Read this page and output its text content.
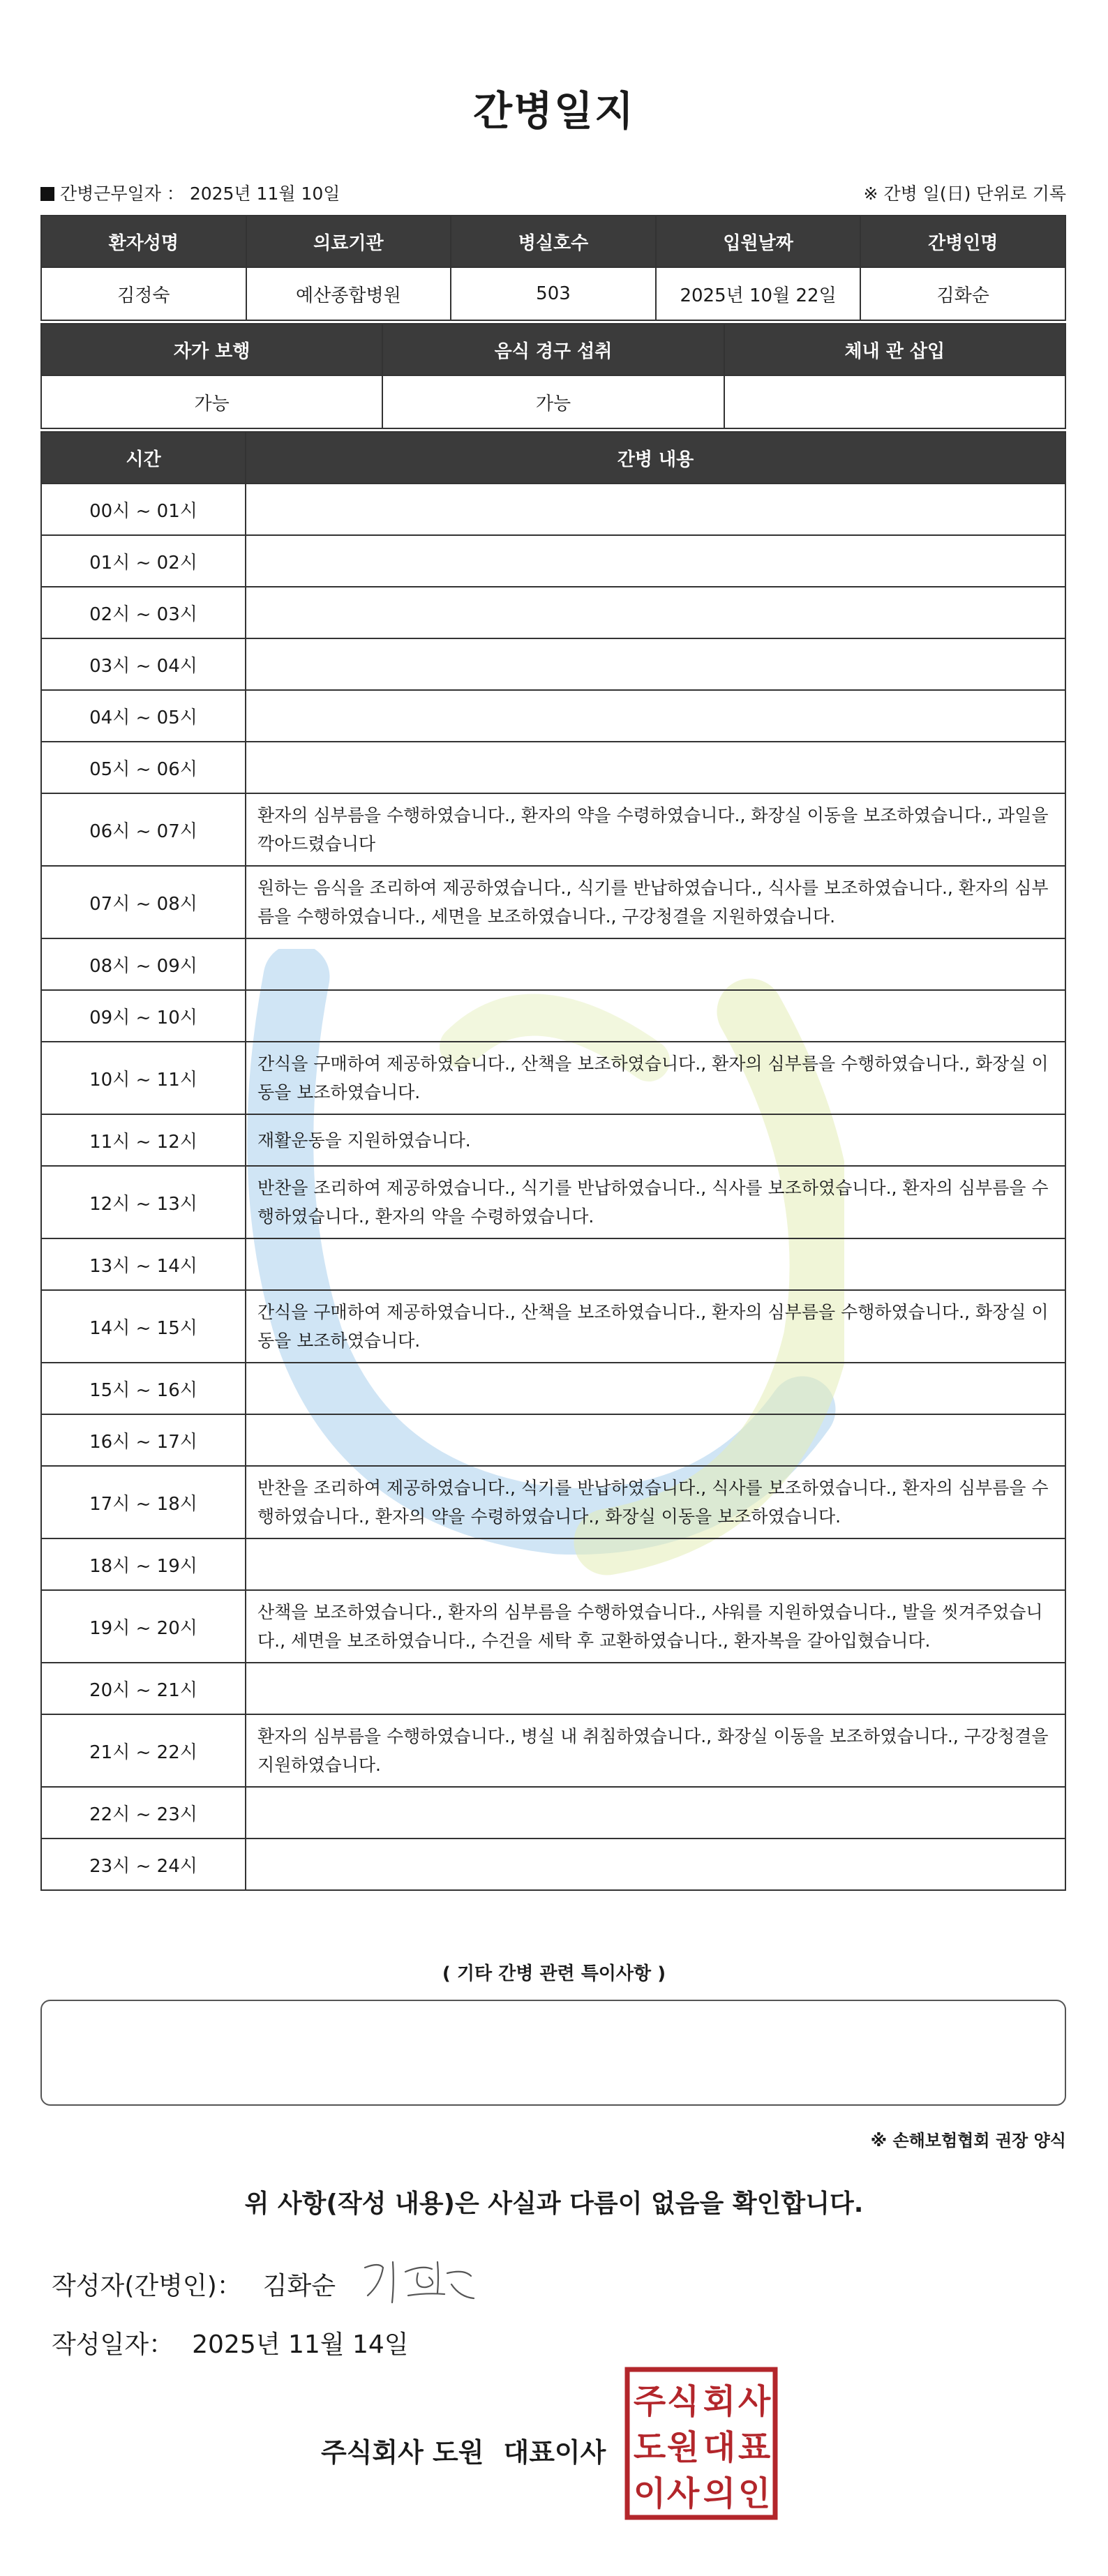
간병일지
간병근무일자 ： 2025년 11월 10일	※ 간병 일(日) 단위로 기록
환자성명	의료기관	병실호수	입원날짜	간병인명
김정숙	예산종합병원	503	2025년 10월 22일	김화순
자가 보행	음식 경구 섭취	체내 관 삽입
가능	가능	
시간	간병 내용
00시 ~ 01시	
01시 ~ 02시	
02시 ~ 03시	
03시 ~ 04시	
04시 ~ 05시	
05시 ~ 06시	
06시 ~ 07시	환자의 심부름을 수행하였습니다., 환자의 약을 수령하였습니다., 화장실 이동을 보조하였습니다., 과일을 깍아드렸습니다
07시 ~ 08시	원하는 음식을 조리하여 제공하였습니다., 식기를 반납하였습니다., 식사를 보조하였습니다., 환자의 심부름을 수행하였습니다., 세면을 보조하였습니다., 구강청결을 지원하였습니다.
08시 ~ 09시	
09시 ~ 10시	
10시 ~ 11시	간식을 구매하여 제공하였습니다., 산책을 보조하였습니다., 환자의 심부름을 수행하였습니다., 화장실 이동을 보조하였습니다.
11시 ~ 12시	재활운동을 지원하였습니다.
12시 ~ 13시	반찬을 조리하여 제공하였습니다., 식기를 반납하였습니다., 식사를 보조하였습니다., 환자의 심부름을 수행하였습니다., 환자의 약을 수령하였습니다.
13시 ~ 14시	
14시 ~ 15시	간식을 구매하여 제공하였습니다., 산책을 보조하였습니다., 환자의 심부름을 수행하였습니다., 화장실 이동을 보조하였습니다.
15시 ~ 16시	
16시 ~ 17시	
17시 ~ 18시	반찬을 조리하여 제공하였습니다., 식기를 반납하였습니다., 식사를 보조하였습니다., 환자의 심부름을 수행하였습니다., 환자의 약을 수령하였습니다., 화장실 이동을 보조하였습니다.
18시 ~ 19시	
19시 ~ 20시	산책을 보조하였습니다., 환자의 심부름을 수행하였습니다., 샤워를 지원하였습니다., 발을 씻겨주었습니다., 세면을 보조하였습니다., 수건을 세탁 후 교환하였습니다., 환자복을 갈아입혔습니다.
20시 ~ 21시	
21시 ~ 22시	환자의 심부름을 수행하였습니다., 병실 내 취침하였습니다., 화장실 이동을 보조하였습니다., 구강청결을 지원하였습니다.
22시 ~ 23시	
23시 ~ 24시	
( 기타 간병 관련 특이사항 )
※ 손해보험협회 권장 양식
위 사항(작성 내용)은 사실과 다름이 없음을 확인합니다.
작성자(간병인)： 김화순
작성일자： 2025년 11월 14일
주식회사 도원 대표이사
주 식 회 사
도 원 대 표
이 사 의 인
